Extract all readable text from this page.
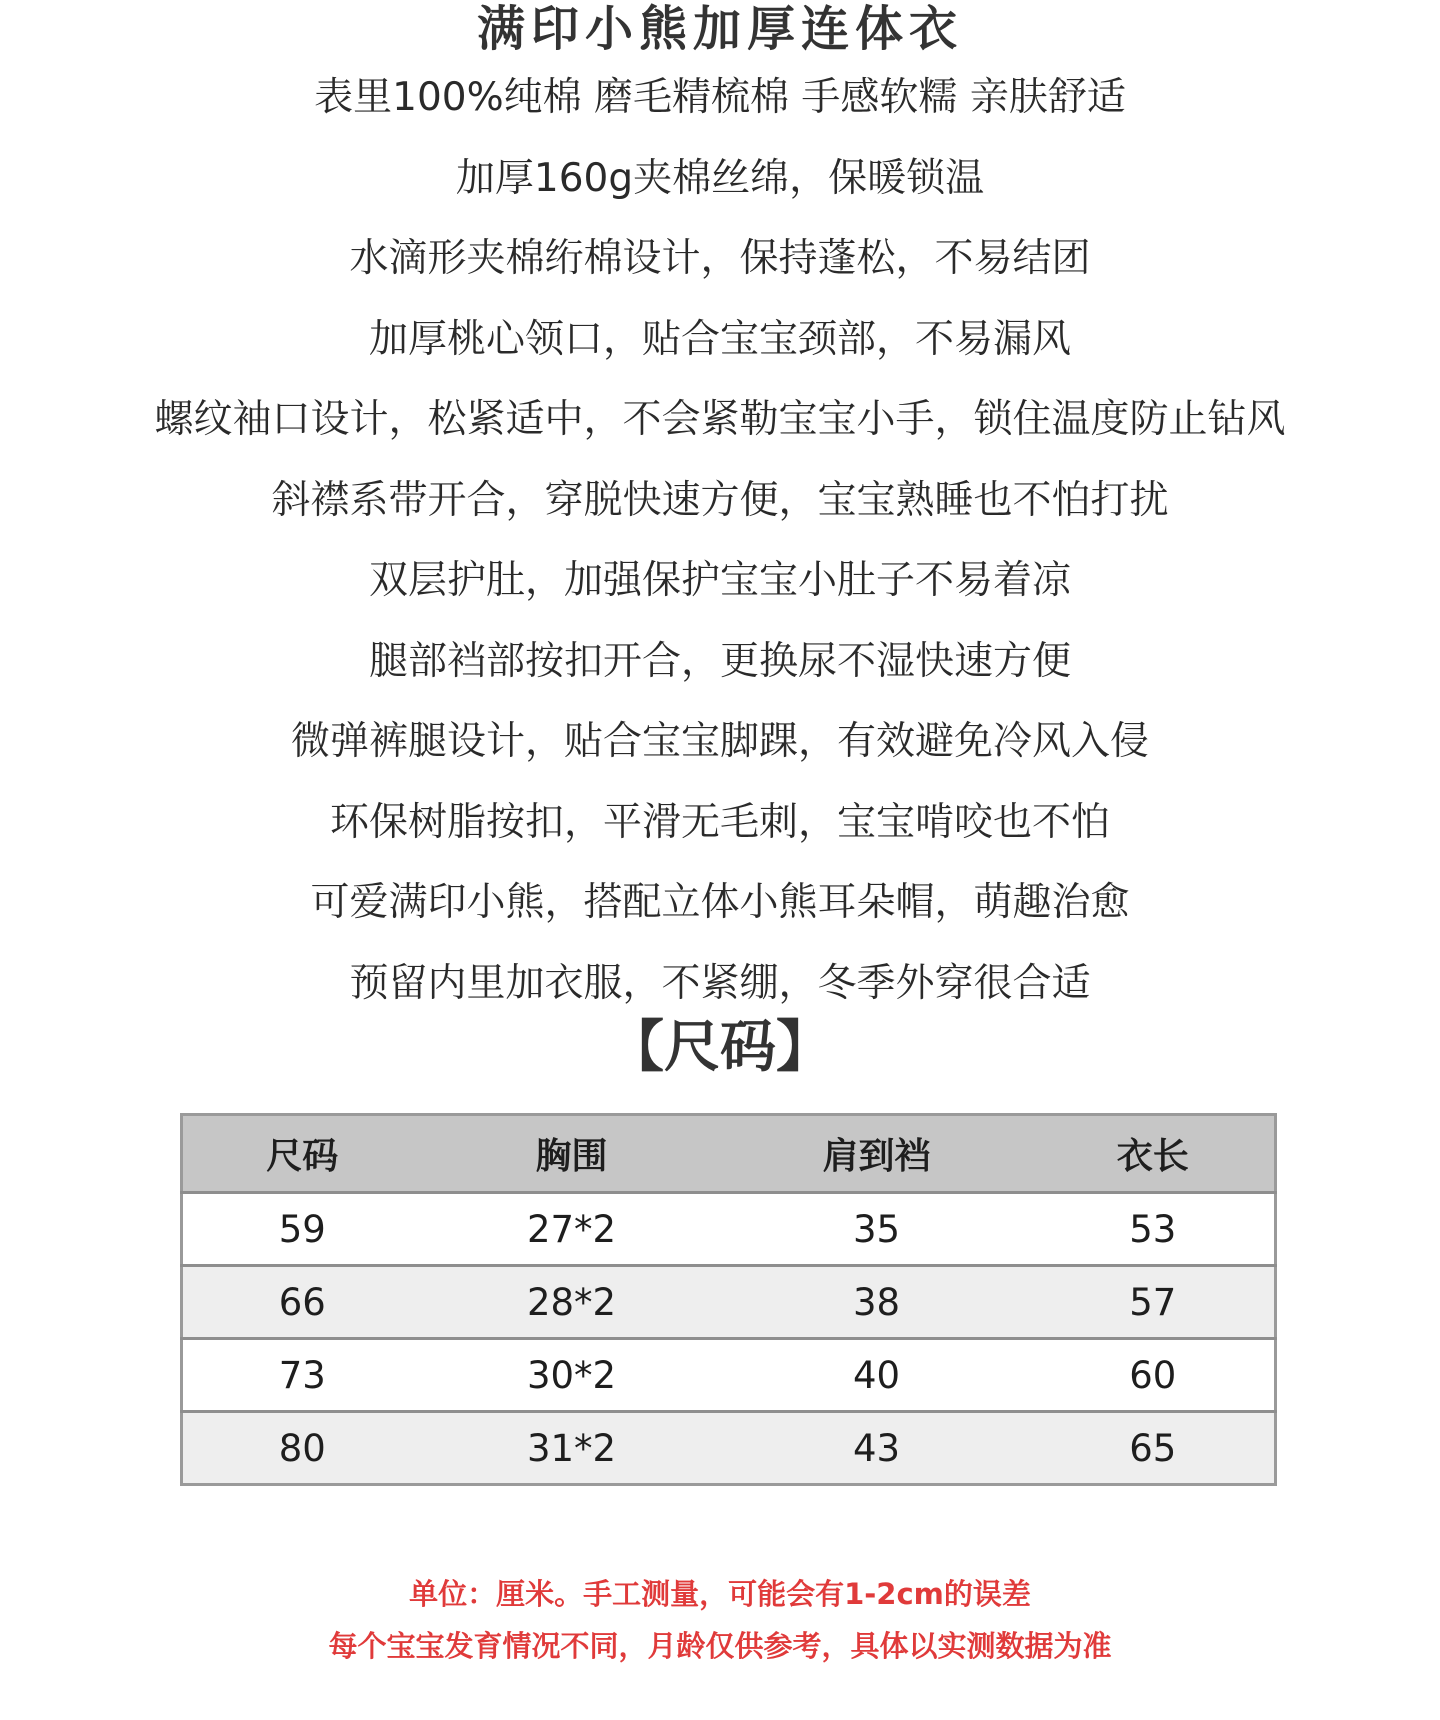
满印小熊加厚连体衣
表里100%纯棉 磨毛精梳棉 手感软糯 亲肤舒适
加厚160g夹棉丝绵，保暖锁温
水滴形夹棉绗棉设计，保持蓬松，不易结团
加厚桃心领口，贴合宝宝颈部，不易漏风
螺纹袖口设计，松紧适中，不会紧勒宝宝小手，锁住温度防止钻风
斜襟系带开合，穿脱快速方便，宝宝熟睡也不怕打扰
双层护肚，加强保护宝宝小肚子不易着凉
腿部裆部按扣开合，更换尿不湿快速方便
微弹裤腿设计，贴合宝宝脚踝，有效避免冷风入侵
环保树脂按扣，平滑无毛刺，宝宝啃咬也不怕
可爱满印小熊，搭配立体小熊耳朵帽，萌趣治愈
预留内里加衣服，不紧绷，冬季外穿很合适
【尺码】
尺码	胸围	肩到裆	衣长
59	27*2	35	53
66	28*2	38	57
73	30*2	40	60
80	31*2	43	65
单位：厘米。手工测量，可能会有1-2cm的误差
每个宝宝发育情况不同，月龄仅供参考，具体以实测数据为准
